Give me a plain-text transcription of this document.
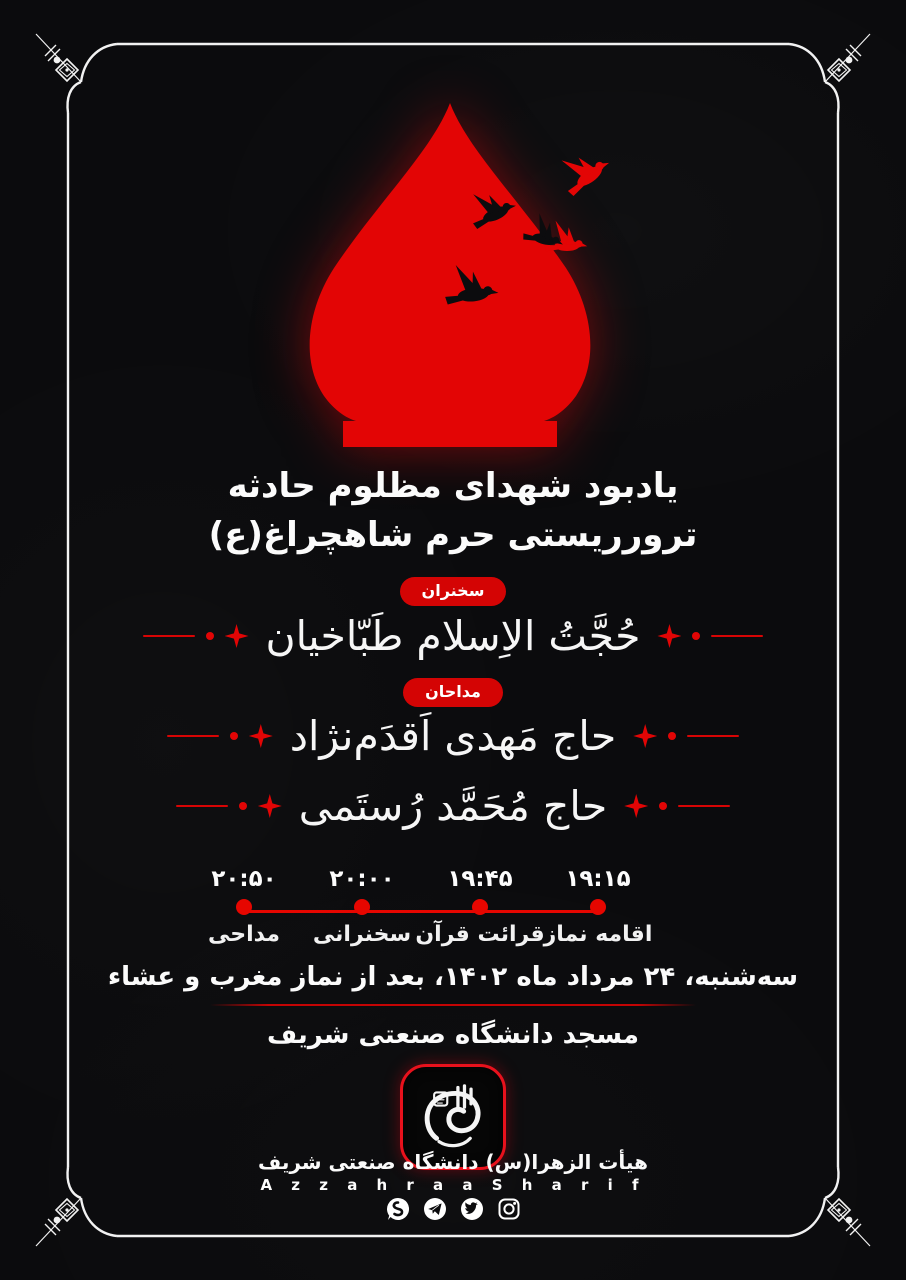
یادبود شهدای مظلوم حادثه
ترورریستی حرم شاهچراغ(ع)
سخنران
حُجَّتُ الاِسلام طَبّاخیان
مداحان
حاج مَهدی اَقدَم‌نژاد
حاج مُحَمَّد رُستَمی
۲۰:۵۰
مداحی
۲۰:۰۰
سخنرانی
۱۹:۴۵
قرائت قرآن
۱۹:۱۵
اقامه نماز
سه‌شنبه، ۲۴ مرداد ماه ۱۴۰۲، بعد از نماز مغرب و عشاء
مسجد دانشگاه صنعتی شریف
هیأت الزهرا(س) دانشگاه صنعتی شریف
A z z a h r a a S h a r i f
